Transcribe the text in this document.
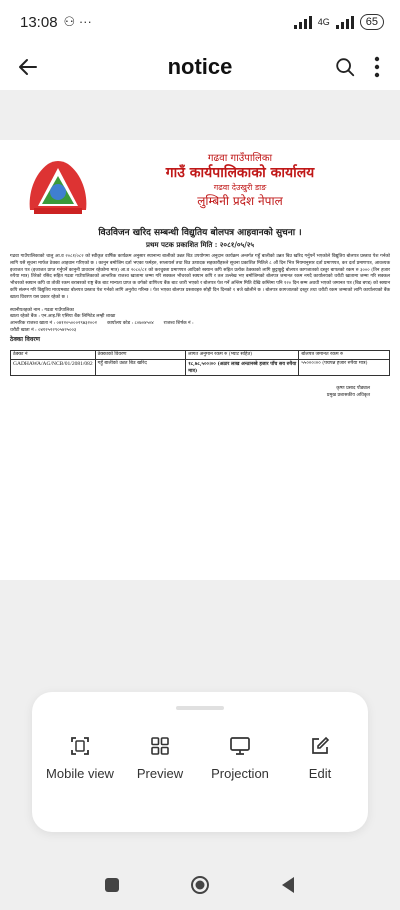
13:08 ⚇ ···	4G	65
notice
गढवा गाउँपालिका
गाउँ कार्यपालिकाको कार्यालय
गढवा देउखुरी डाङ
लुम्बिनी प्रदेश नेपाल
विउविजन खरिद सम्बन्धी विद्युतिय बोलपत्र आहवानको सुचना ।
प्रथम पटक प्रकाशित मिति : २०८१/०५/२५

गढवा गाउँपालिकाको चालु आ.व २०८१/०८२ को स्वीकृत वार्षिक कार्यक्रम अनुसार स्थानान्य बालीको उन्नत बिउ उपयोगमा अनुदान कार्यक्रम अन्तर्गत गहुँ बालीको उन्नत बिउ खरिद गर्नुपर्ने भएकोले विद्युतिय बोलपत्र प्रस्ताव पेश गर्नको लागि यसै सूचना मार्फत ठेक्का आहवान गरिएको छ । कानुन बमोजिम दर्ता भएका फर्महरु, सप्लायर्स तथा बिउ उत्पादक सहकारीहरुले सूचना प्रकाशित मितिले ८ औं दिन भित्र नियमानुसार दर्ता प्रमाणपत्र, कर दर्ता प्रमाणपत्र, आवश्यक इजाजत पत्र (इजाजत प्राप्त गर्नुपर्ने कानुनी प्रावधान रहेकोमा मात्र) आ.व २०८०/८१ को करचुक्ता प्रमाणपत्र आदिको स्क्यान कपि सहित प्रत्येक ठेक्काको लागि छुट्टाछुट्टै बोलपत्र कागजातको दस्तुर बापतको रकम रु ३००० (तिन हजार रुपैया मात्र) तिरेको रसिद सहित गढवा गाउँपालिकाको आन्तरिक राजश्व खातामा जम्मा गरि सक्कल भौचरको स्क्यान कपि र तल उल्लेख भए बमोजिमको बोलपत्र जमानत रकम नगदै कार्यालयको धरौटी खातामा जम्मा गरि सक्कल भौचरको स्क्यान कपि वा तोकी रकम बराबरको राष्ट्र बैंक बाट मान्यता प्राप्त क वर्गको वाणिज्य बैंक बाट जारी भएको र बोलपत्र पेश गर्ने अन्तिम मिति देखि कम्तिमा पनि १२० दिन सम्म अवधी भएको जमानत पत्र (बिड बण्ड) को स्क्यान कपि संलग्न गरि विद्युतिय माध्यमबाट बोलपत्र प्रस्ताव पेश गर्नको लागि अनुरोध गरिन्छ । पेश भएका बोलपत्र प्रस्तावहरु सोही दिन दिनको १ बजे खोलीने छ । बोलपत्र कागजातको दस्तुर तथा धरौटी रकम जम्माको लागि कार्यालयको बैंक खाता विवरण यस प्रकार रहेको छ ।

स्थानीयतहको नाम : गढवा गाउँपालिका

खाता रहेको बैंक : एन.आइ.सि एसिया बैंक लिमिटेड लम्ही शाखा

आन्तरिक राजश्व खाता नं : ०४१२०५०००२९७३२००२ कार्यालय कोड : ८०७०४५०४ राजश्व शिर्षक नं :

धरौटी खाता नं : ०४१२५२२९०५४२५००३

ठेक्का विवरण
ठेक्का नं	ठेक्काको विवरण	लागत अनुमान रकम रु (भ्याट सहित)	बोलपत्र जमानत रकम रु
GADHAWA/AG/NCB/01/2081/082	गहुँ बालीको उन्नत बिउ खरिद	१८,७८,५००।०० (अठार लाख अन्ठानब्बे हजार पाँच सय रुपैया मात्र)	५५०००।०० (पचपन्न हजार रुपैया मात्र)
कृष्ण प्रसाद पौड्याल
प्रमुख प्रशासकीय अधिकृत
Mobile view Preview Projection	Edit
